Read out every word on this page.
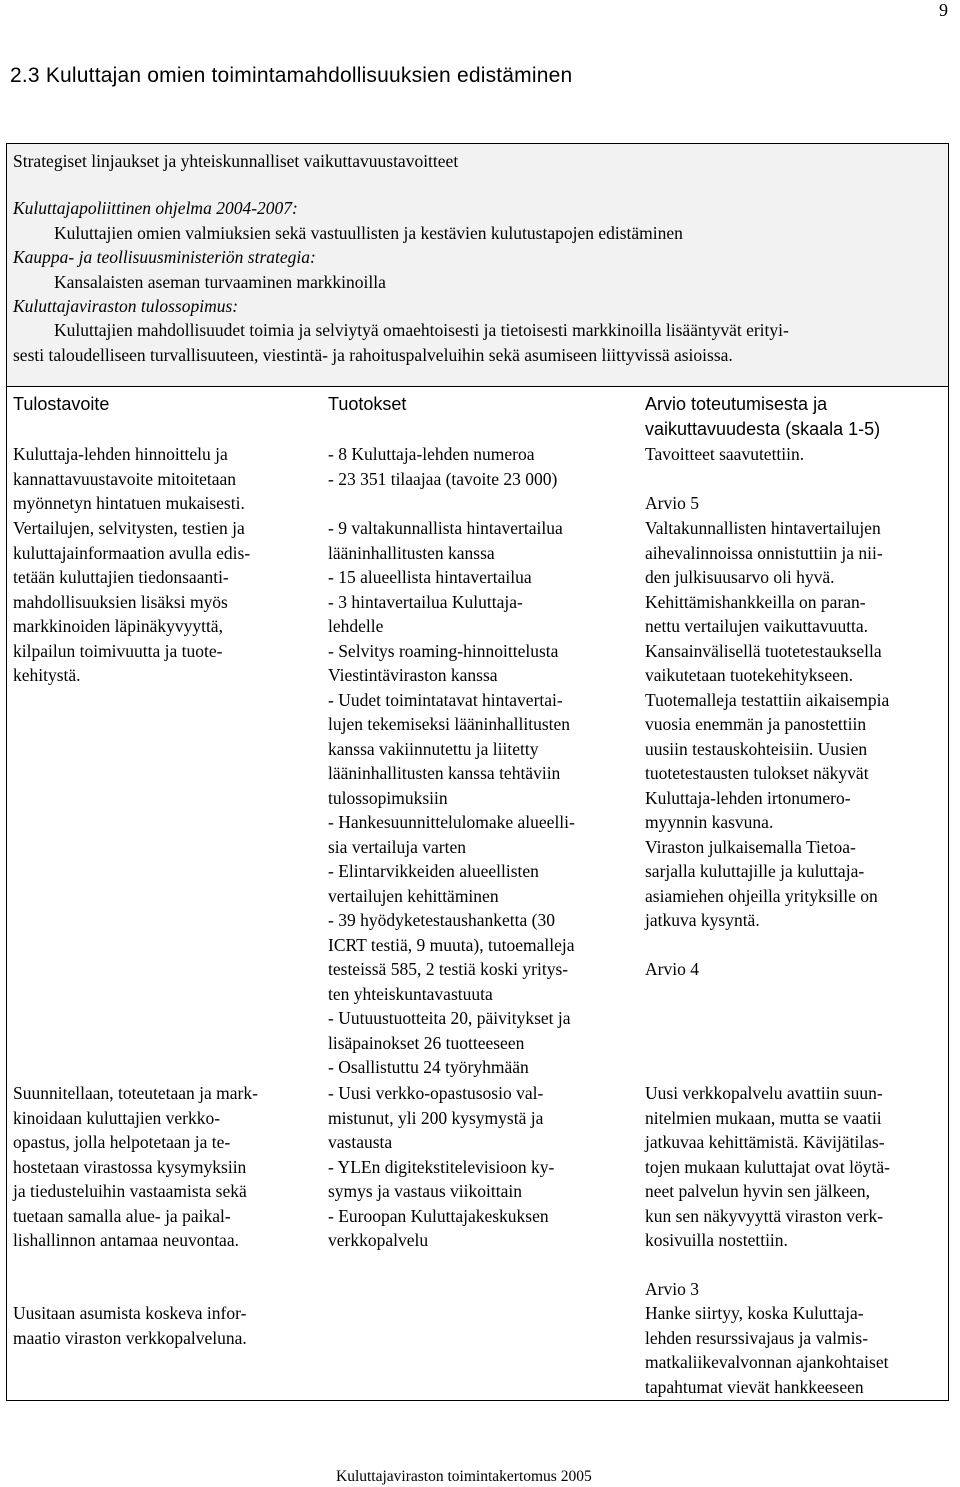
9
2.3 Kuluttajan omien toimintamahdollisuuksien edistäminen
Strategiset linjaukset ja yhteiskunnalliset vaikuttavuustavoitteet
Kuluttajapoliittinen ohjelma 2004-2007:
Kuluttajien omien valmiuksien sekä vastuullisten ja kestävien kulutustapojen edistäminen
Kauppa- ja teollisuusministeriön strategia:
Kansalaisten aseman turvaaminen markkinoilla
Kuluttajaviraston tulossopimus:
Kuluttajien mahdollisuudet toimia ja selviytyä omaehtoisesti ja tietoisesti markkinoilla lisääntyvät erityi-
sesti taloudelliseen turvallisuuteen, viestintä- ja rahoituspalveluihin sekä asumiseen liittyvissä asioissa.
Tulostavoite	Tuotokset	Arvio toteutumisesta ja
vaikuttavuudesta (skaala 1-5)
Kuluttaja-lehden hinnoittelu ja
kannattavuustavoite mitoitetaan
myönnetyn hintatuen mukaisesti.
- 8 Kuluttaja-lehden numeroa
- 23 351 tilaajaa (tavoite 23 000)
Tavoitteet saavutettiin.

Arvio 5
Vertailujen, selvitysten, testien ja
kuluttajainformaation avulla edis-
tetään kuluttajien tiedonsaanti-
mahdollisuuksien lisäksi myös
markkinoiden läpinäkyvyyttä,
kilpailun toimivuutta ja tuote-
kehitystä.
- 9 valtakunnallista hintavertailua
lääninhallitusten kanssa
- 15 alueellista hintavertailua
- 3 hintavertailua Kuluttaja-
lehdelle
- Selvitys roaming-hinnoittelusta
Viestintäviraston kanssa
- Uudet toimintatavat hintavertai-
lujen tekemiseksi lääninhallitusten
kanssa vakiinnutettu ja liitetty
lääninhallitusten kanssa tehtäviin
tulossopimuksiin
- Hankesuunnittelulomake alueelli-
sia vertailuja varten
- Elintarvikkeiden alueellisten
vertailujen kehittäminen
- 39 hyödyketestaushanketta (30
ICRT testiä, 9 muuta), tutoemalleja
testeissä 585, 2 testiä koski yritys-
ten yhteiskuntavastuuta
- Uutuustuotteita 20, päivitykset ja
lisäpainokset 26 tuotteeseen
- Osallistuttu 24 työryhmään
Valtakunnallisten hintavertailujen
aihevalinnoissa onnistuttiin ja nii-
den julkisuusarvo oli hyvä.
Kehittämishankkeilla on paran-
nettu vertailujen vaikuttavuutta.
Kansainvälisellä tuotetestauksella
vaikutetaan tuotekehitykseen.
Tuotemalleja testattiin aikaisempia
vuosia enemmän ja panostettiin
uusiin testauskohteisiin. Uusien
tuotetestausten tulokset näkyvät
Kuluttaja-lehden irtonumero-
myynnin kasvuna.
Viraston julkaisemalla Tietoa-
sarjalla kuluttajille ja kuluttaja-
asiamiehen ohjeilla yrityksille on
jatkuva kysyntä.

Arvio 4
Suunnitellaan, toteutetaan ja mark-
kinoidaan kuluttajien verkko-
opastus, jolla helpotetaan ja te-
hostetaan virastossa kysymyksiin
ja tiedusteluihin vastaamista sekä
tuetaan samalla alue- ja paikal-
lishallinnon antamaa neuvontaa.
- Uusi verkko-opastusosio val-
mistunut, yli 200 kysymystä ja
vastausta
- YLEn digitekstitelevisioon ky-
symys ja vastaus viikoittain
- Euroopan Kuluttajakeskuksen
verkkopalvelu
Uusi verkkopalvelu avattiin suun-
nitelmien mukaan, mutta se vaatii
jatkuvaa kehittämistä. Kävijätilas-
tojen mukaan kuluttajat ovat löytä-
neet palvelun hyvin sen jälkeen,
kun sen näkyvyyttä viraston verk-
kosivuilla nostettiin.

Arvio 3
Uusitaan asumista koskeva infor-
maatio viraston verkkopalveluna.
Hanke siirtyy, koska Kuluttaja-
lehden resurssivajaus ja valmis-
matkaliikevalvonnan ajankohtaiset
tapahtumat vievät hankkeeseen
Kuluttajaviraston toimintakertomus 2005
